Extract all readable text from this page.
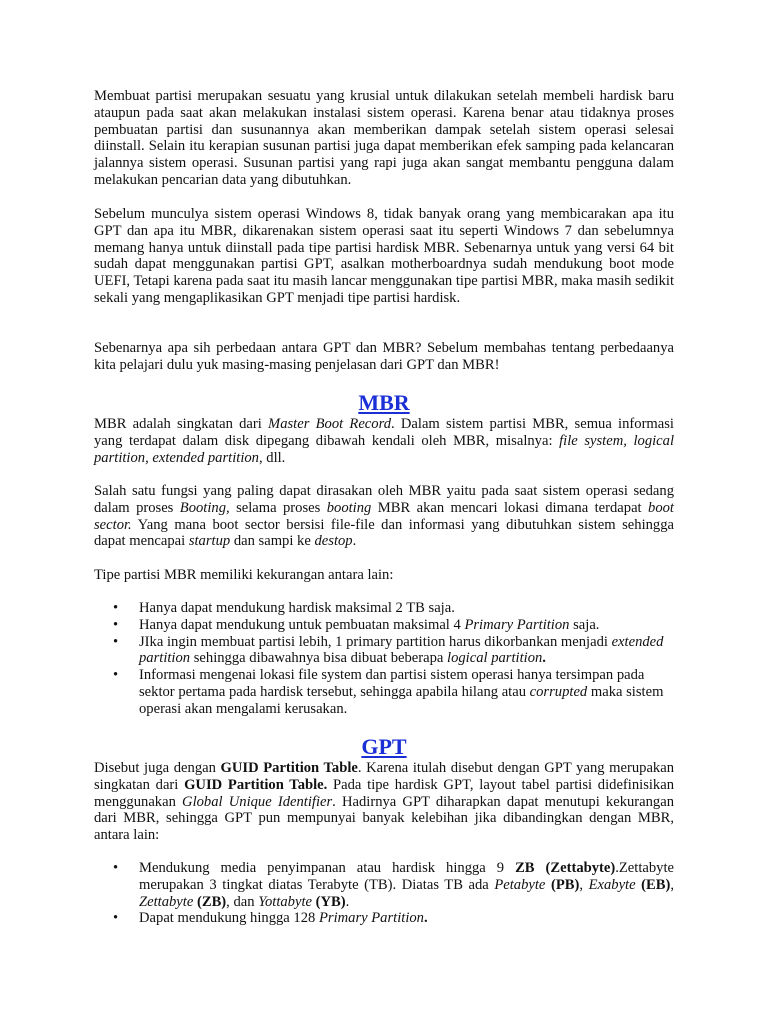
Membuat partisi merupakan sesuatu yang krusial untuk dilakukan setelah membeli hardisk baru ataupun pada saat akan melakukan instalasi sistem operasi. Karena benar atau tidaknya proses pembuatan partisi dan susunannya akan memberikan dampak setelah sistem operasi selesai diinstall. Selain itu kerapian susunan partisi juga dapat memberikan efek samping pada kelancaran jalannya sistem operasi. Susunan partisi yang rapi juga akan sangat membantu pengguna dalam melakukan pencarian data yang dibutuhkan.

Sebelum munculya sistem operasi Windows 8, tidak banyak orang yang membicarakan apa itu GPT dan apa itu MBR, dikarenakan sistem operasi saat itu seperti Windows 7 dan sebelumnya memang hanya untuk diinstall pada tipe partisi hardisk MBR. Sebenarnya untuk yang versi 64 bit sudah dapat menggunakan partisi GPT, asalkan motherboardnya sudah mendukung boot mode UEFI, Tetapi karena pada saat itu masih lancar menggunakan tipe partisi MBR, maka masih sedikit sekali yang mengaplikasikan GPT menjadi tipe partisi hardisk.

Sebenarnya apa sih perbedaan antara GPT dan MBR? Sebelum membahas tentang perbedaanya kita pelajari dulu yuk masing-masing penjelasan dari GPT dan MBR!

MBR

MBR adalah singkatan dari Master Boot Record. Dalam sistem partisi MBR, semua informasi yang terdapat dalam disk dipegang dibawah kendali oleh MBR, misalnya: file system, logical partition, extended partition, dll.

Salah satu fungsi yang paling dapat dirasakan oleh MBR yaitu pada saat sistem operasi sedang dalam proses Booting, selama proses booting MBR akan mencari lokasi dimana terdapat boot sector. Yang mana boot sector bersisi file-file dan informasi yang dibutuhkan sistem sehingga dapat mencapai startup dan sampi ke destop.

Tipe partisi MBR memiliki kekurangan antara lain:

• Hanya dapat mendukung hardisk maksimal 2 TB saja.
• Hanya dapat mendukung untuk pembuatan maksimal 4 Primary Partition saja.
• JIka ingin membuat partisi lebih, 1 primary partition harus dikorbankan menjadi extended partition sehingga dibawahnya bisa dibuat beberapa logical partition.
• Informasi mengenai lokasi file system dan partisi sistem operasi hanya tersimpan pada sektor pertama pada hardisk tersebut, sehingga apabila hilang atau corrupted maka sistem operasi akan mengalami kerusakan.
GPT

Disebut juga dengan GUID Partition Table. Karena itulah disebut dengan GPT yang merupakan singkatan dari GUID Partition Table. Pada tipe hardisk GPT, layout tabel partisi didefinisikan menggunakan Global Unique Identifier. Hadirnya GPT diharapkan dapat menutupi kekurangan dari MBR, sehingga GPT pun mempunyai banyak kelebihan jika dibandingkan dengan MBR, antara lain:

• Mendukung media penyimpanan atau hardisk hingga 9 ZB (Zettabyte).Zettabyte merupakan 3 tingkat diatas Terabyte (TB). Diatas TB ada Petabyte (PB), Exabyte (EB), Zettabyte (ZB), dan Yottabyte (YB).
• Dapat mendukung hingga 128 Primary Partition.
